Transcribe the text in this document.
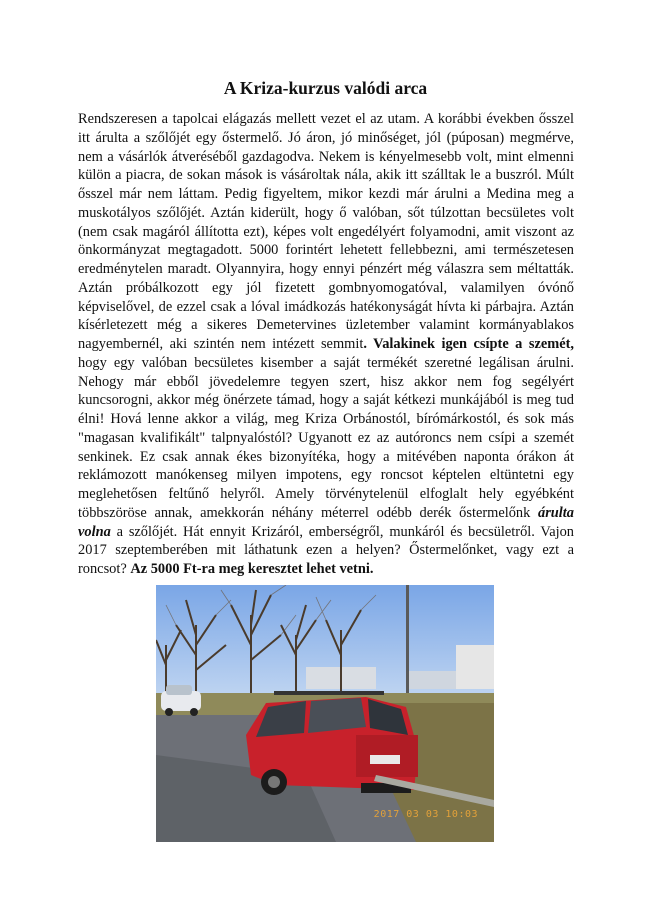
A Kriza-kurzus valódi arca

Rendszeresen a tapolcai elágazás mellett vezet el az utam. A korábbi években ősszel itt árulta a szőlőjét egy őstermelő. Jó áron, jó minőséget, jól (púposan) megmérve, nem a vásárlók átveréséből gazdagodva. Nekem is kényelmesebb volt, mint elmenni külön a piacra, de sokan mások is vásároltak nála, akik itt szálltak le a buszról. Múlt ősszel már nem láttam. Pedig figyeltem, mikor kezdi már árulni a Medina meg a muskotályos szőlőjét. Aztán kiderült, hogy ő valóban, sőt túlzottan becsületes volt (nem csak magáról állította ezt), képes volt engedélyért folyamodni, amit viszont az önkormányzat megtagadott. 5000 forintért lehetett fellebbezni, ami természetesen eredménytelen maradt. Olyannyira, hogy ennyi pénzért még válaszra sem méltatták. Aztán próbálkozott egy jól fizetett gombnyomogatóval, valamilyen óvónő képviselővel, de ezzel csak a lóval imádkozás hatékonyságát hívta ki párbajra. Aztán kísérletezett még a sikeres Demetervines üzletember valamint kormányablakos nagyembernél, aki szintén nem intézett semmit. Valakinek igen csípte a szemét, hogy egy valóban becsületes kisember a saját termékét szeretné legálisan árulni. Nehogy már ebből jövedelemre tegyen szert, hisz akkor nem fog segélyért kuncsorogni, akkor még önérzete támad, hogy a saját kétkezi munkájából is meg tud élni! Hová lenne akkor a világ, meg Kriza Orbánostól, bírómárkostól, és sok más "magasan kvalifikált" talpnyalóstól? Ugyanott ez az autóroncs nem csípi a szemét senkinek. Ez csak annak ékes bizonyítéka, hogy a mitévében naponta órákon át reklámozott manókenseg milyen impotens, egy roncsot képtelen eltüntetni egy meglehetősen feltűnő helyről. Amely törvénytelenül elfoglalt hely egyébként többszöröse annak, amekkorán néhány méterrel odébb derék őstermelőnk árulta volna a szőlőjét. Hát ennyit Krizáról, emberségről, munkáról és becsületről. Vajon 2017 szeptemberében mit láthatunk ezen a helyen? Őstermelőnket, vagy ezt a roncsot? Az 5000 Ft-ra meg keresztet lehet vetni.

2017 03 03 10:03
